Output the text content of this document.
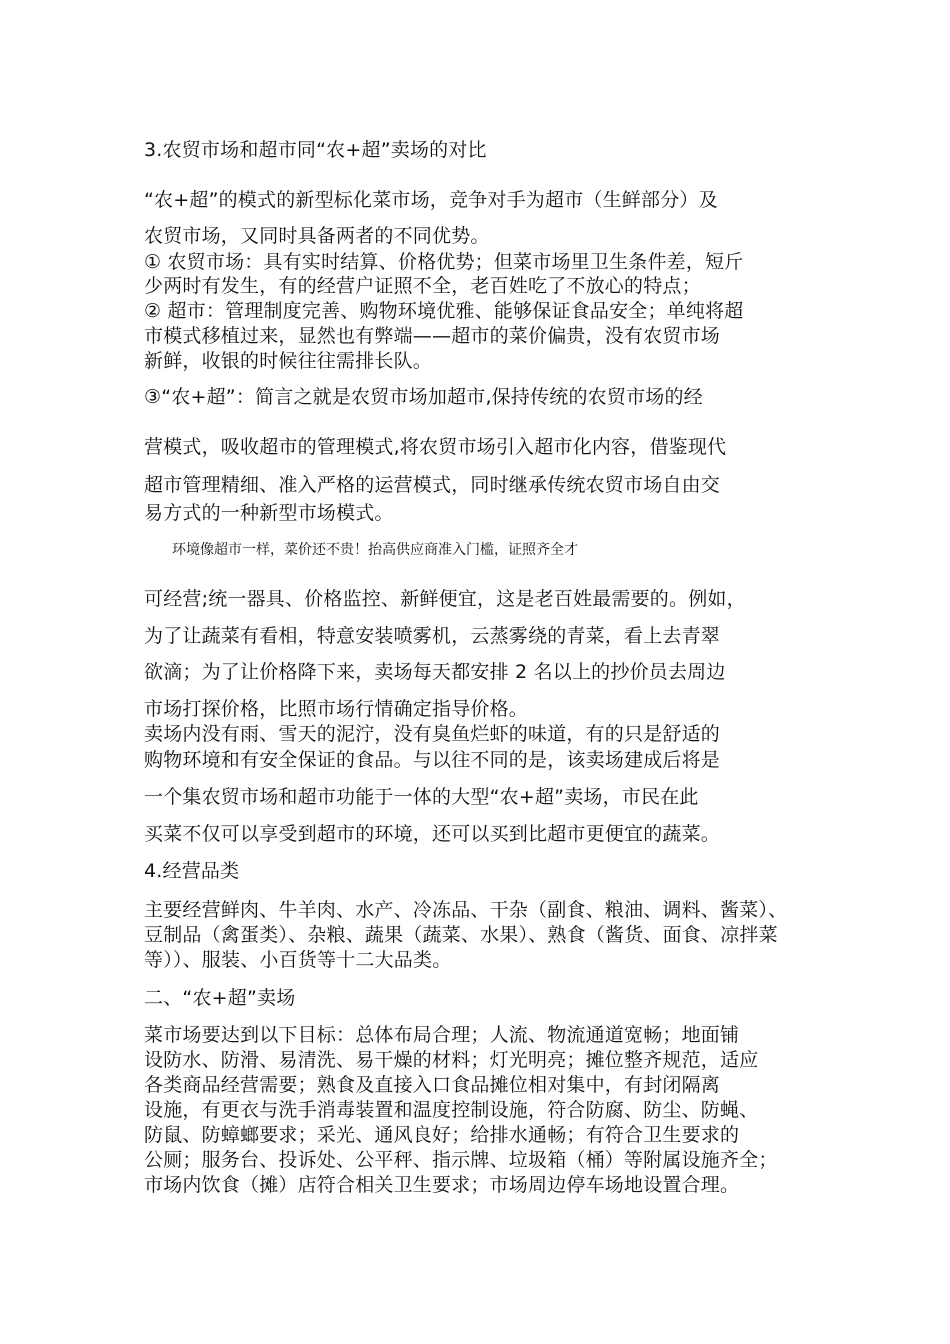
3.农贸市场和超市同“农+超”卖场的对比
“农+超”的模式的新型标化菜市场，竞争对手为超市（生鲜部分）及
农贸市场，又同时具备两者的不同优势。
① 农贸市场：具有实时结算、价格优势；但菜市场里卫生条件差，短斤
少两时有发生，有的经营户证照不全，老百姓吃了不放心的特点；
② 超市：管理制度完善、购物环境优雅、能够保证食品安全；单纯将超
市模式移植过来，显然也有弊端——超市的菜价偏贵，没有农贸市场
新鲜，收银的时候往往需排长队。
③“农+超”：简言之就是农贸市场加超市,保持传统的农贸市场的经
营模式，吸收超市的管理模式,将农贸市场引入超市化内容，借鉴现代
超市管理精细、准入严格的运营模式，同时继承传统农贸市场自由交
易方式的一种新型市场模式。
环境像超市一样，菜价还不贵！抬高供应商准入门槛，证照齐全才
可经营;统一器具、价格监控、新鲜便宜，这是老百姓最需要的。例如，
为了让蔬菜有看相，特意安装喷雾机，云蒸雾绕的青菜，看上去青翠
欲滴；为了让价格降下来，卖场每天都安排 2 名以上的抄价员去周边
市场打探价格，比照市场行情确定指导价格。
卖场内没有雨、雪天的泥泞，没有臭鱼烂虾的味道，有的只是舒适的
购物环境和有安全保证的食品。与以往不同的是，该卖场建成后将是
一个集农贸市场和超市功能于一体的大型“农+超”卖场，市民在此
买菜不仅可以享受到超市的环境，还可以买到比超市更便宜的蔬菜。
4.经营品类
主要经营鲜肉、牛羊肉、水产、冷冻品、干杂（副食、粮油、调料、酱菜）、
豆制品（禽蛋类）、杂粮、蔬果（蔬菜、水果）、熟食（酱货、面食、凉拌菜
等））、服装、小百货等十二大品类。
二、“农+超”卖场
菜市场要达到以下目标：总体布局合理；人流、物流通道宽畅；地面铺
设防水、防滑、易清洗、易干燥的材料；灯光明亮；摊位整齐规范，适应
各类商品经营需要；熟食及直接入口食品摊位相对集中，有封闭隔离
设施，有更衣与洗手消毒装置和温度控制设施，符合防腐、防尘、防蝇、
防鼠、防蟑螂要求；采光、通风良好；给排水通畅；有符合卫生要求的
公厕；服务台、投诉处、公平秤、指示牌、垃圾箱（桶）等附属设施齐全；
市场内饮食（摊）店符合相关卫生要求；市场周边停车场地设置合理。
